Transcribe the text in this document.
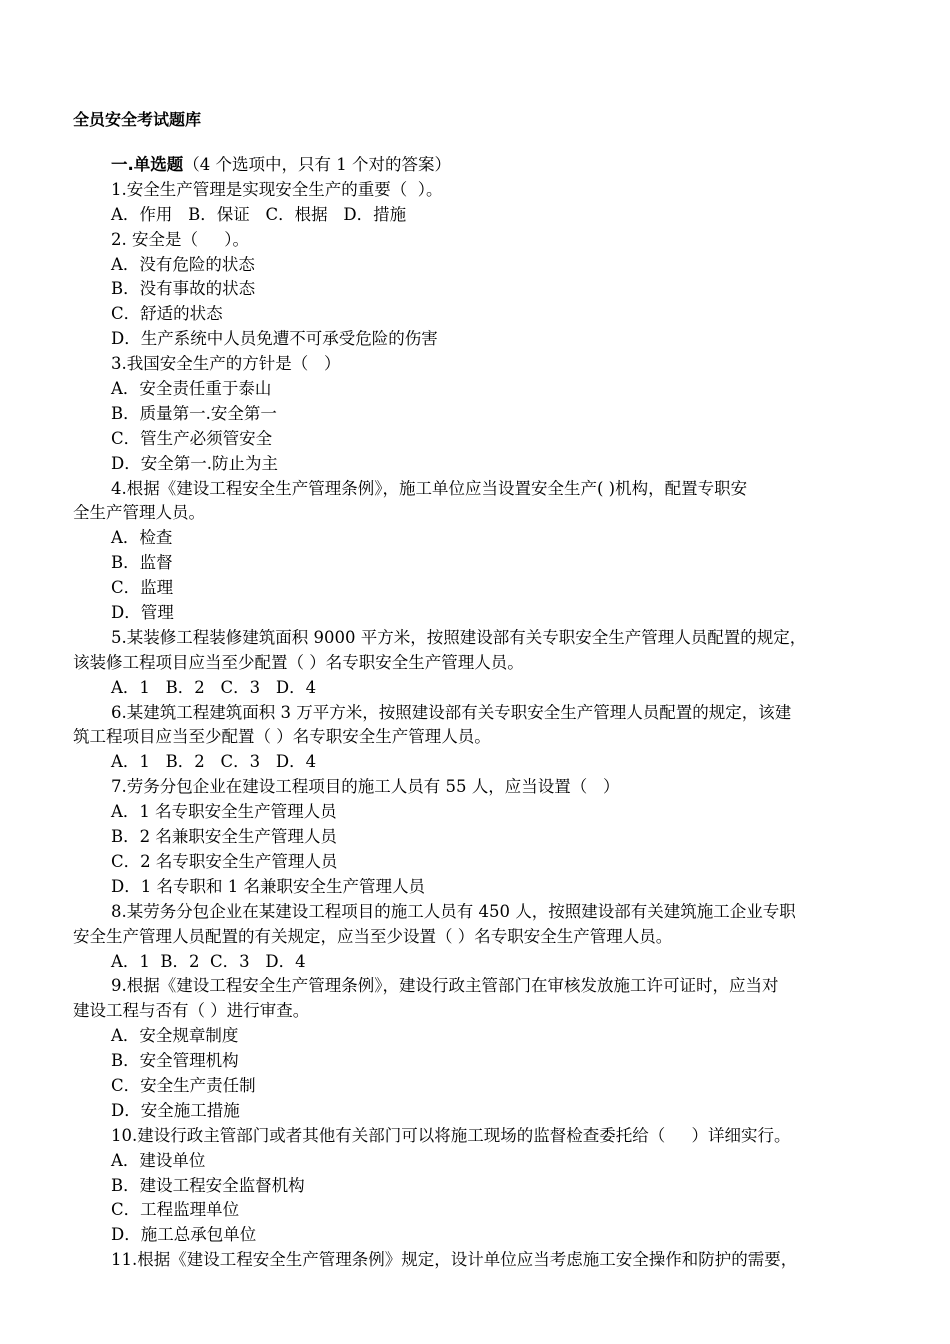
全员安全考试题库
一.单选题（4 个选项中，只有 1 个对的答案）
1.安全生产管理是实现安全生产的重要（  ）。
A．作用   B．保证   C．根据   D．措施
2. 安全是（     ）。
A．没有危险的状态
B．没有事故的状态
C．舒适的状态
D．生产系统中人员免遭不可承受危险的伤害
3.我国安全生产的方针是（   ）
A．安全责任重于泰山
B．质量第一.安全第一
C．管生产必须管安全
D．安全第一.防止为主
4.根据《建设工程安全生产管理条例》，施工单位应当设置安全生产( )机构，配置专职安
全生产管理人员。
A．检查
B．监督
C．监理
D．管理
5.某装修工程装修建筑面积 9000 平方米，按照建设部有关专职安全生产管理人员配置的规定，
该装修工程项目应当至少配置（ ）名专职安全生产管理人员。
A．1   B．2   C．3   D．4
6.某建筑工程建筑面积 3 万平方米，按照建设部有关专职安全生产管理人员配置的规定，该建
筑工程项目应当至少配置（ ）名专职安全生产管理人员。
A．1   B．2   C．3   D．4
7.劳务分包企业在建设工程项目的施工人员有 55 人，应当设置（   ）
A．1 名专职安全生产管理人员
B．2 名兼职安全生产管理人员
C．2 名专职安全生产管理人员
D．1 名专职和 1 名兼职安全生产管理人员
8.某劳务分包企业在某建设工程项目的施工人员有 450 人，按照建设部有关建筑施工企业专职
安全生产管理人员配置的有关规定，应当至少设置（ ）名专职安全生产管理人员。
A．1  B．2  C．3   D．4
9.根据《建设工程安全生产管理条例》，建设行政主管部门在审核发放施工许可证时，应当对
建设工程与否有（ ）进行审查。
A．安全规章制度
B．安全管理机构
C．安全生产责任制
D．安全施工措施
10.建设行政主管部门或者其他有关部门可以将施工现场的监督检查委托给（     ）详细实行。
A．建设单位
B．建设工程安全监督机构
C．工程监理单位
D．施工总承包单位
11.根据《建设工程安全生产管理条例》规定，设计单位应当考虑施工安全操作和防护的需要，
